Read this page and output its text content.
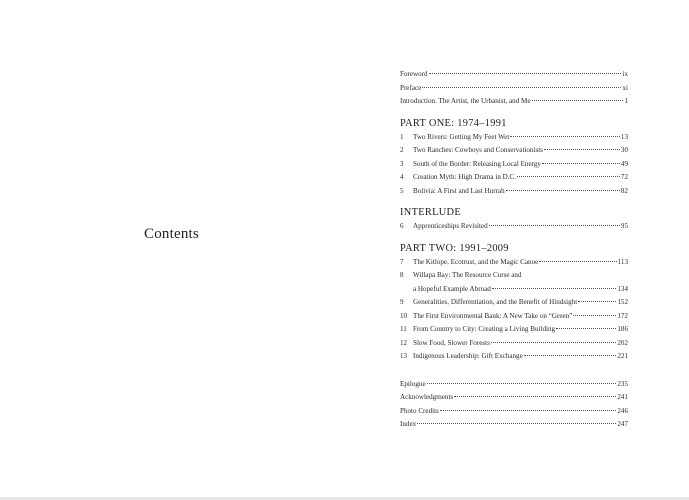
Contents
Foreword	ix
Preface	xi
Introduction. The Artist, the Urbanist, and Me	1
PART ONE: 1974–1991
1	Two Rivers: Getting My Feet Wet	13
2	Two Ranches: Cowboys and Conservationists	30
3	South of the Border: Releasing Local Energy	49
4	Creation Myth: High Drama in D.C.	72
5	Bolivia: A First and Last Hurrah	82
INTERLUDE
6	Apprenticeships Revisited	95
PART TWO: 1991–2009
7	The Kitlope, Ecotrust, and the Magic Canoe	113
8	Willapa Bay: The Resource Curse and
a Hopeful Example Abroad	134
9	Generalities, Differentiation, and the Benefit of Hindsight	152
10 The First Environmental Bank: A New Take on “Green”	172
11 From Country to City: Creating a Living Building	186
12 Slow Food, Slower Forests	202
13 Indigenous Leadership: Gift Exchange	221
Epilogue	235
Acknowledgments	241
Photo Credits	246
Index	247
